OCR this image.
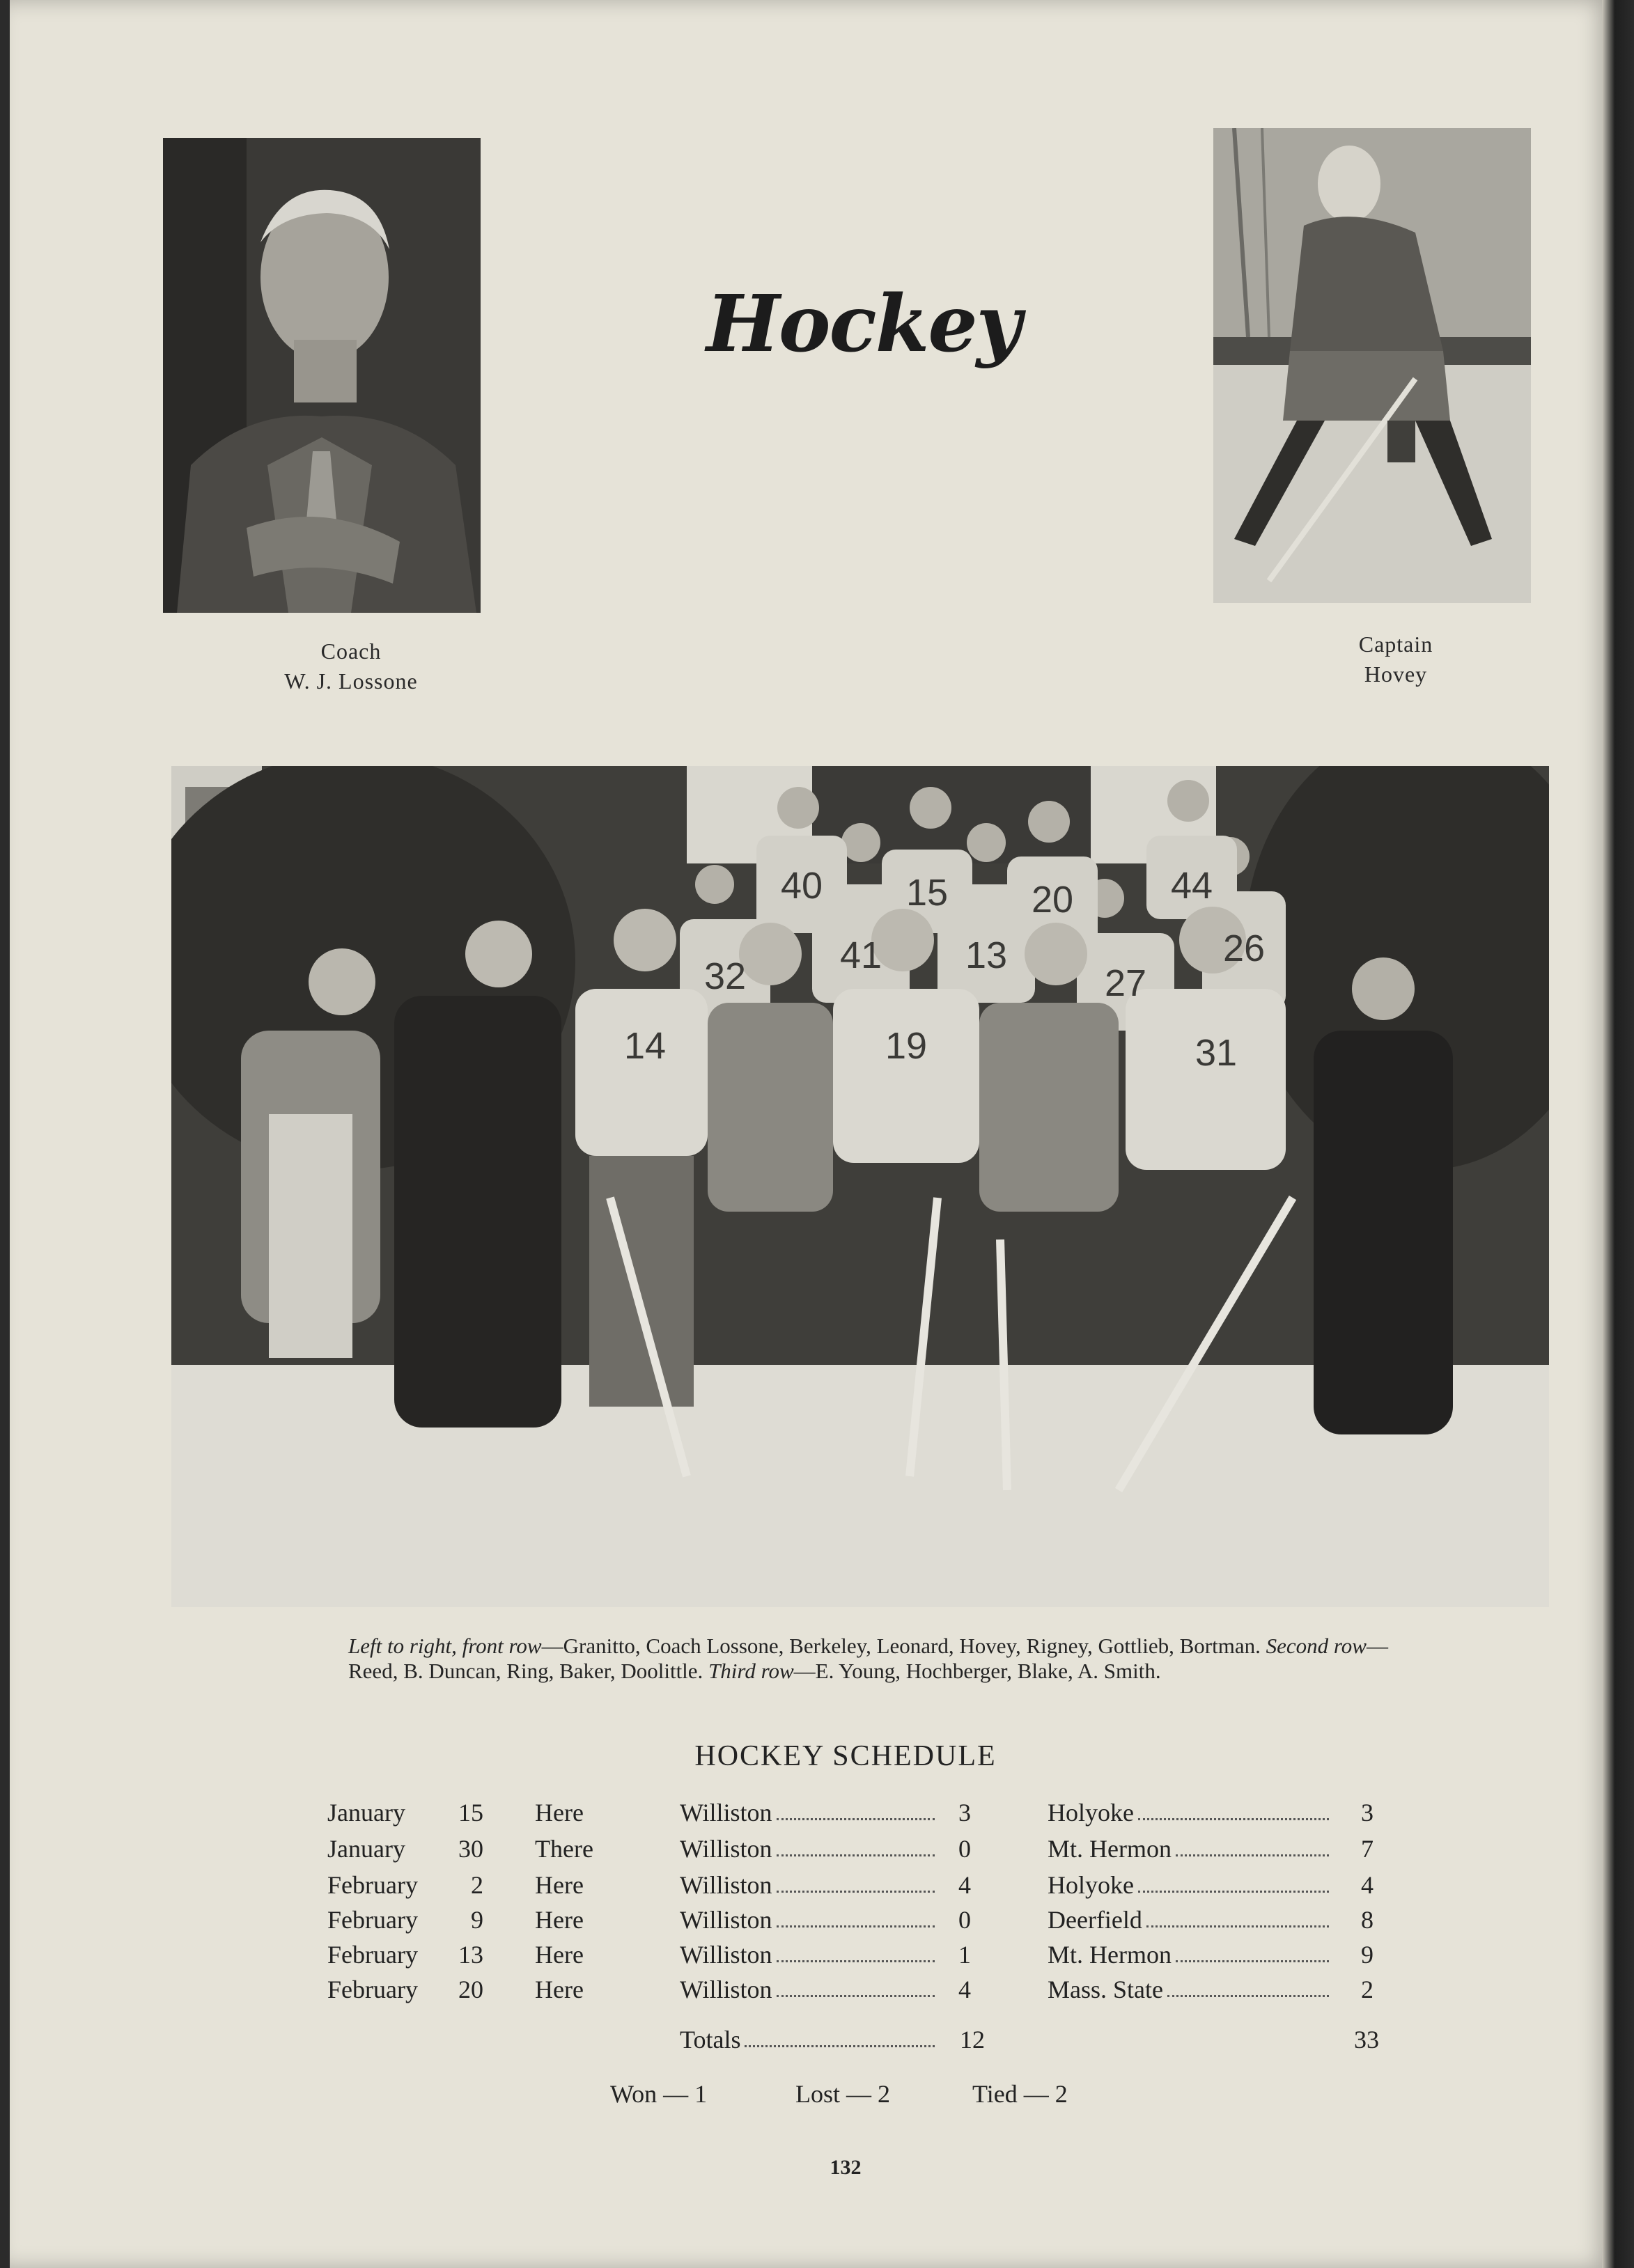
Coach
W. J. Lossone
Hockey
Captain
Hovey
40 15 20	44
32 41 13
27
26
14	19	31
Left to right, front row—Granitto, Coach Lossone, Berkeley, Leonard, Hovey, Rigney, Gottlieb, Bortman. Second row—Reed, B. Duncan, Ring, Baker, Doolittle. Third row—E. Young, Hochberger, Blake, A. Smith.
HOCKEY SCHEDULE
January	15 Here	Williston	3	Holyoke	3
January	30 There	Williston	0	Mt. Hermon	7
February	2 Here	Williston	4	Holyoke	4
February	9 Here	Williston	0	Deerfield	8
February	13 Here	Williston	1	Mt. Hermon	9
February	20 Here	Williston	4	Mass. State	2
Totals	12	33
Won — 1	Lost — 2	Tied — 2
132
